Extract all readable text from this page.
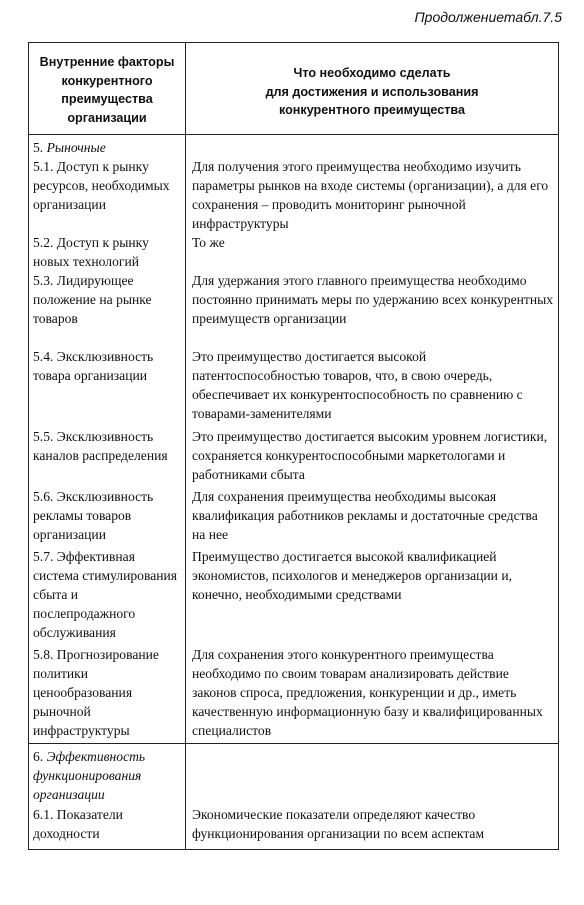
Продолжениетабл.7.5
Внутренние факторы конкурентного преимущества организации	Что необходимо сделать
для достижения и использования
конкурентного преимущества

5. Рыночные	
5.1. Доступ к рынку ресурсов, необходимых организации	Для получения этого преимущества необходимо изучить параметры рынков на входе системы (организации), а для его сохранения – проводить мониторинг рыночной инфраструктуры
5.2. Доступ к рынку новых технологий	То же
5.3. Лидирующее положение на рынке товаров	Для удержания этого главного преимущества необходимо постоянно принимать меры по удержанию всех конкурентных преимуществ организации
5.4. Эксклюзивность товара организации	Это преимущество достигается высокой патентоспособностью товаров, что, в свою очередь, обеспечивает их конкурентоспособность по сравнению с товарами-заменителями
5.5. Эксклюзивность каналов распределения	Это преимущество достигается высоким уровнем логистики, сохраняется конкурентоспособными маркетологами и работниками сбыта
5.6. Эксклюзивность рекламы товаров организации	Для сохранения преимущества необходимы высокая квалификация работников рекламы и достаточные средства на нее
5.7. Эффективная система стимулирования сбыта и послепродажного обслуживания	Преимущество достигается высокой квалификацией экономистов, психологов и менеджеров организации и, конечно, необходимыми средствами
5.8. Прогнозирование политики ценообразования рыночной инфраструктуры	Для сохранения этого конкурентного преимущества необходимо по своим товарам анализировать действие законов спроса, предложения, конкуренции и др., иметь качественную информационную базу и квалифицированных специалистов
6. Эффективность функционирования организации	
6.1. Показатели доходности	Экономические показатели определяют качество функционирования организации по всем аспектам
